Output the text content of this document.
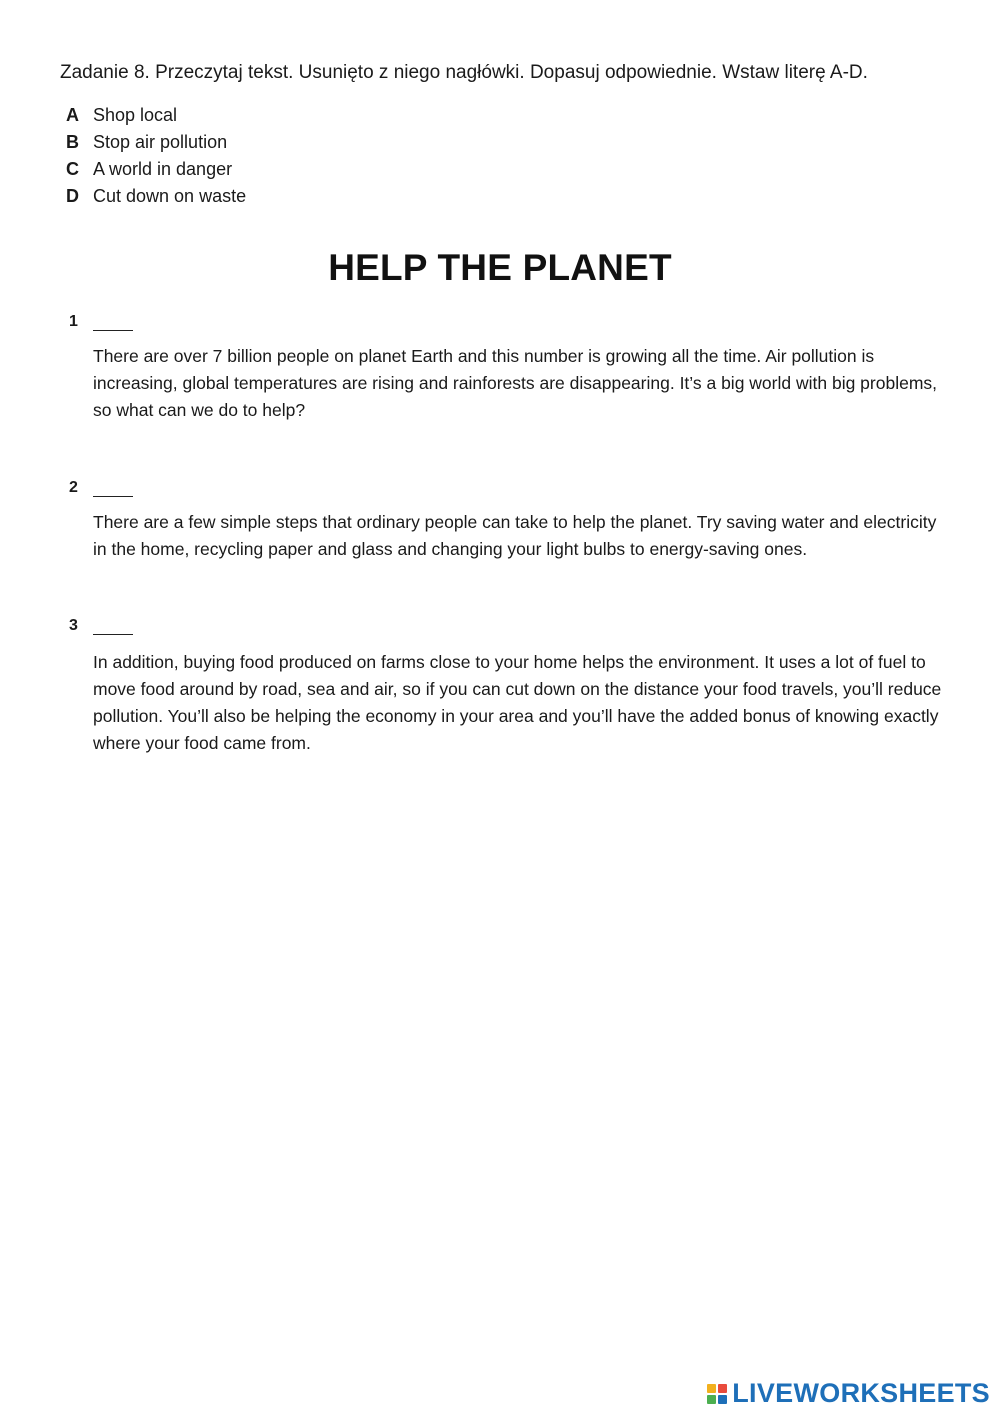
Zadanie 8. Przeczytaj tekst. Usunięto z niego nagłówki. Dopasuj odpowiednie. Wstaw literę A-D.
A Shop local
B Stop air pollution
C A world in danger
D Cut down on waste
HELP THE PLANET
1
There are over 7 billion people on planet Earth and this number is growing all the time. Air pollution is increasing, global temperatures are rising and rainforests are disappearing. It’s a big world with big problems, so what can we do to help?
2
There are a few simple steps that ordinary people can take to help the planet. Try saving water and electricity in the home, recycling paper and glass and changing your light bulbs to energy-saving ones.
3
In addition, buying food produced on farms close to your home helps the environment. It uses a lot of fuel to move food around by road, sea and air, so if you can cut down on the distance your food travels, you’ll reduce pollution. You’ll also be helping the economy in your area and you’ll have the added bonus of knowing exactly where your food came from.
LIVEWORKSHEETS
